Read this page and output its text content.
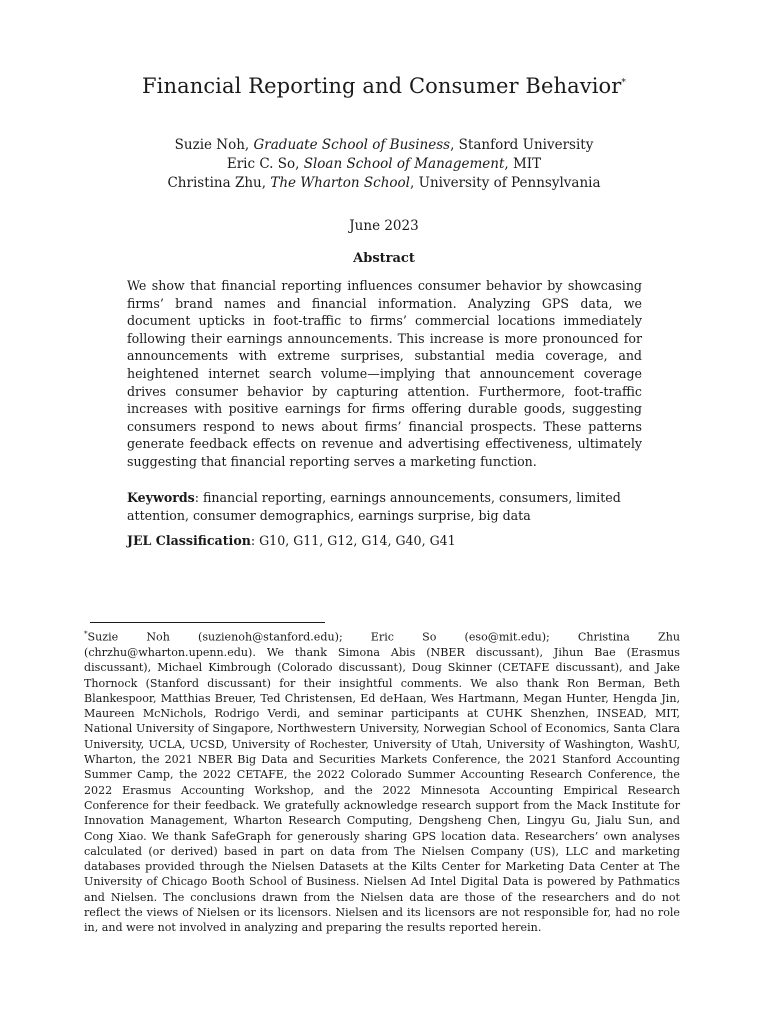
Financial Reporting and Consumer Behavior*
Suzie Noh, Graduate School of Business, Stanford University
Eric C. So, Sloan School of Management, MIT
Christina Zhu, The Wharton School, University of Pennsylvania
June 2023
Abstract
We show that financial reporting influences consumer behavior by showcasing firms’ brand names and financial information. Analyzing GPS data, we document upticks in foot-traffic to firms’ commercial locations immediately following their earnings announcements. This increase is more pronounced for announcements with extreme surprises, substantial media coverage, and heightened internet search volume—implying that announcement coverage drives consumer behavior by capturing attention. Furthermore, foot-traffic increases with positive earnings for firms offering durable goods, suggesting consumers respond to news about firms’ financial prospects. These patterns generate feedback effects on revenue and advertising effectiveness, ultimately suggesting that financial reporting serves a marketing function.
Keywords: financial reporting, earnings announcements, consumers, limited attention, consumer demographics, earnings surprise, big data
JEL Classification: G10, G11, G12, G14, G40, G41
*Suzie Noh (suzienoh@stanford.edu); Eric So (eso@mit.edu); Christina Zhu (chrzhu@wharton.upenn.edu). We thank Simona Abis (NBER discussant), Jihun Bae (Erasmus discussant), Michael Kimbrough (Colorado discussant), Doug Skinner (CETAFE discussant), and Jake Thornock (Stanford discussant) for their insightful comments. We also thank Ron Berman, Beth Blankespoor, Matthias Breuer, Ted Christensen, Ed deHaan, Wes Hartmann, Megan Hunter, Hengda Jin, Maureen McNichols, Rodrigo Verdi, and seminar participants at CUHK Shenzhen, INSEAD, MIT, National University of Singapore, Northwestern University, Norwegian School of Economics, Santa Clara University, UCLA, UCSD, University of Rochester, University of Utah, University of Washington, WashU, Wharton, the 2021 NBER Big Data and Securities Markets Conference, the 2021 Stanford Accounting Summer Camp, the 2022 CETAFE, the 2022 Colorado Summer Accounting Research Conference, the 2022 Erasmus Accounting Workshop, and the 2022 Minnesota Accounting Empirical Research Conference for their feedback. We gratefully acknowledge research support from the Mack Institute for Innovation Management, Wharton Research Computing, Dengsheng Chen, Lingyu Gu, Jialu Sun, and Cong Xiao. We thank SafeGraph for generously sharing GPS location data. Researchers’ own analyses calculated (or derived) based in part on data from The Nielsen Company (US), LLC and marketing databases provided through the Nielsen Datasets at the Kilts Center for Marketing Data Center at The University of Chicago Booth School of Business. Nielsen Ad Intel Digital Data is powered by Pathmatics and Nielsen. The conclusions drawn from the Nielsen data are those of the researchers and do not reflect the views of Nielsen or its licensors. Nielsen and its licensors are not responsible for, had no role in, and were not involved in analyzing and preparing the results reported herein.
